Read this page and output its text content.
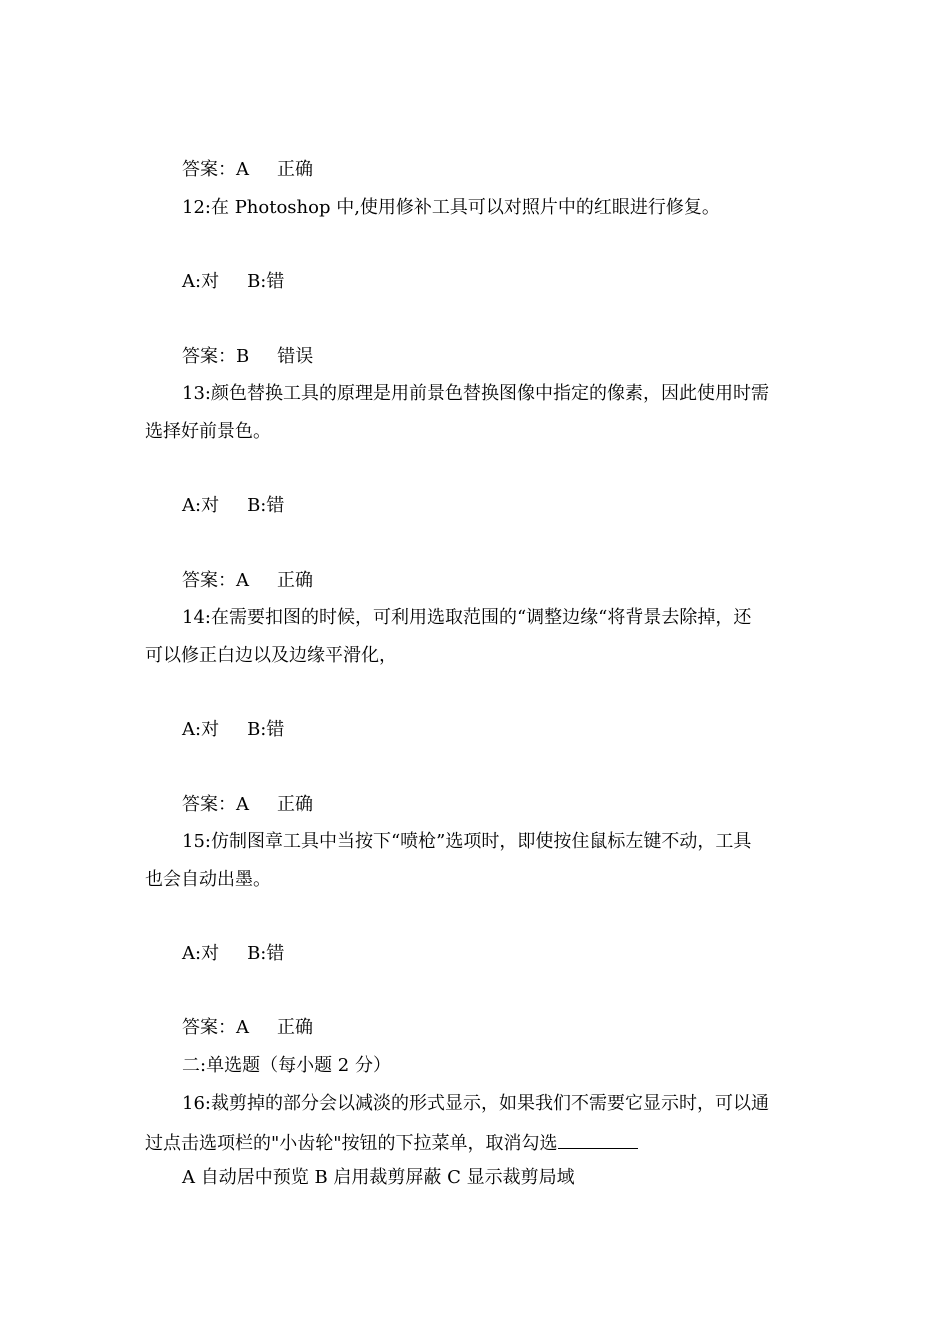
答案：A 正确
12:在 Photoshop 中,使用修补工具可以对照片中的红眼进行修复。
A:对 B:错
答案：B 错误
13:颜色替换工具的原理是用前景色替换图像中指定的像素，因此使用时需
选择好前景色。
A:对 B:错
答案：A 正确
14:在需要扣图的时候，可利用选取范围的“调整边缘“将背景去除掉，还
可以修正白边以及边缘平滑化，
A:对 B:错
答案：A 正确
15:仿制图章工具中当按下“喷枪”选项时，即使按住鼠标左键不动，工具
也会自动出墨。
A:对 B:错
答案：A 正确
二:单选题（每小题 2 分）
16:裁剪掉的部分会以减淡的形式显示，如果我们不需要它显示时，可以通
过点击选项栏的"小齿轮"按钮的下拉菜单，取消勾选
A 自动居中预览 B 启用裁剪屏蔽 C 显示裁剪局域
